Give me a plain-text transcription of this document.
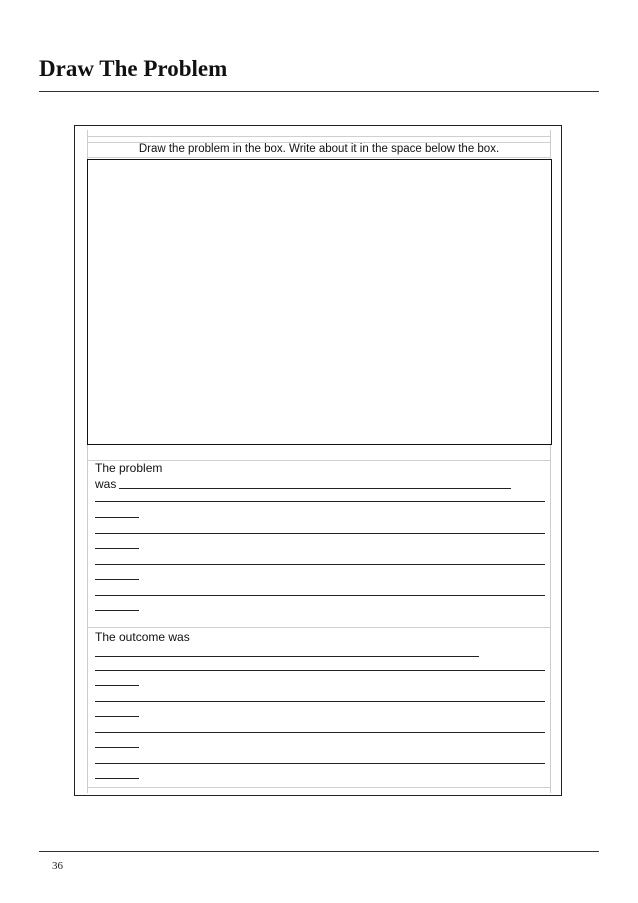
Draw The Problem
Draw the problem in the box. Write about it in the space below the box.
The problem
was
The outcome was
36
